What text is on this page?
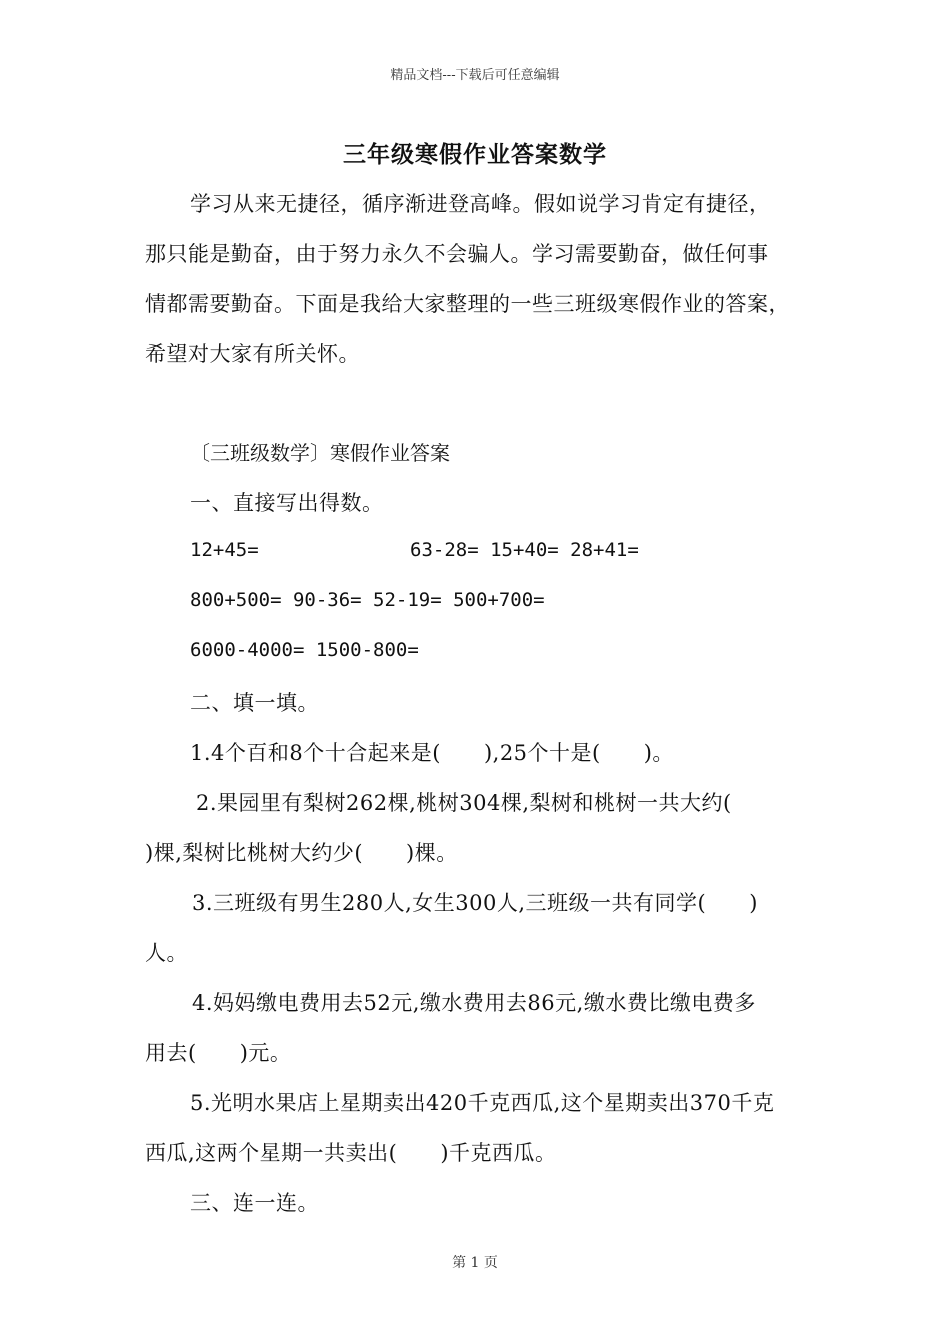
精品文档---下载后可任意编辑
三年级寒假作业答案数学
学习从来无捷径，循序渐进登高峰。假如说学习肯定有捷径，
那只能是勤奋，由于努力永久不会骗人。学习需要勤奋，做任何事
情都需要勤奋。下面是我给大家整理的一些三班级寒假作业的答案，
希望对大家有所关怀。
〔三班级数学〕寒假作业答案
一、直接写出得数。
12+45=	63-28= 15+40= 28+41=
800+500= 90-36= 52-19= 500+700=
6000-4000= 1500-800=
二、填一填。
1.4个百和8个十合起来是(　　),25个十是(　　)。
2.果园里有梨树262棵,桃树304棵,梨树和桃树一共大约(
)棵,梨树比桃树大约少(　　)棵。
3.三班级有男生280人,女生300人,三班级一共有同学(　　)
人。
4.妈妈缴电费用去52元,缴水费用去86元,缴水费比缴电费多
用去(　　)元。
5.光明水果店上星期卖出420千克西瓜,这个星期卖出370千克
西瓜,这两个星期一共卖出(　　)千克西瓜。
三、连一连。
第 1 页
